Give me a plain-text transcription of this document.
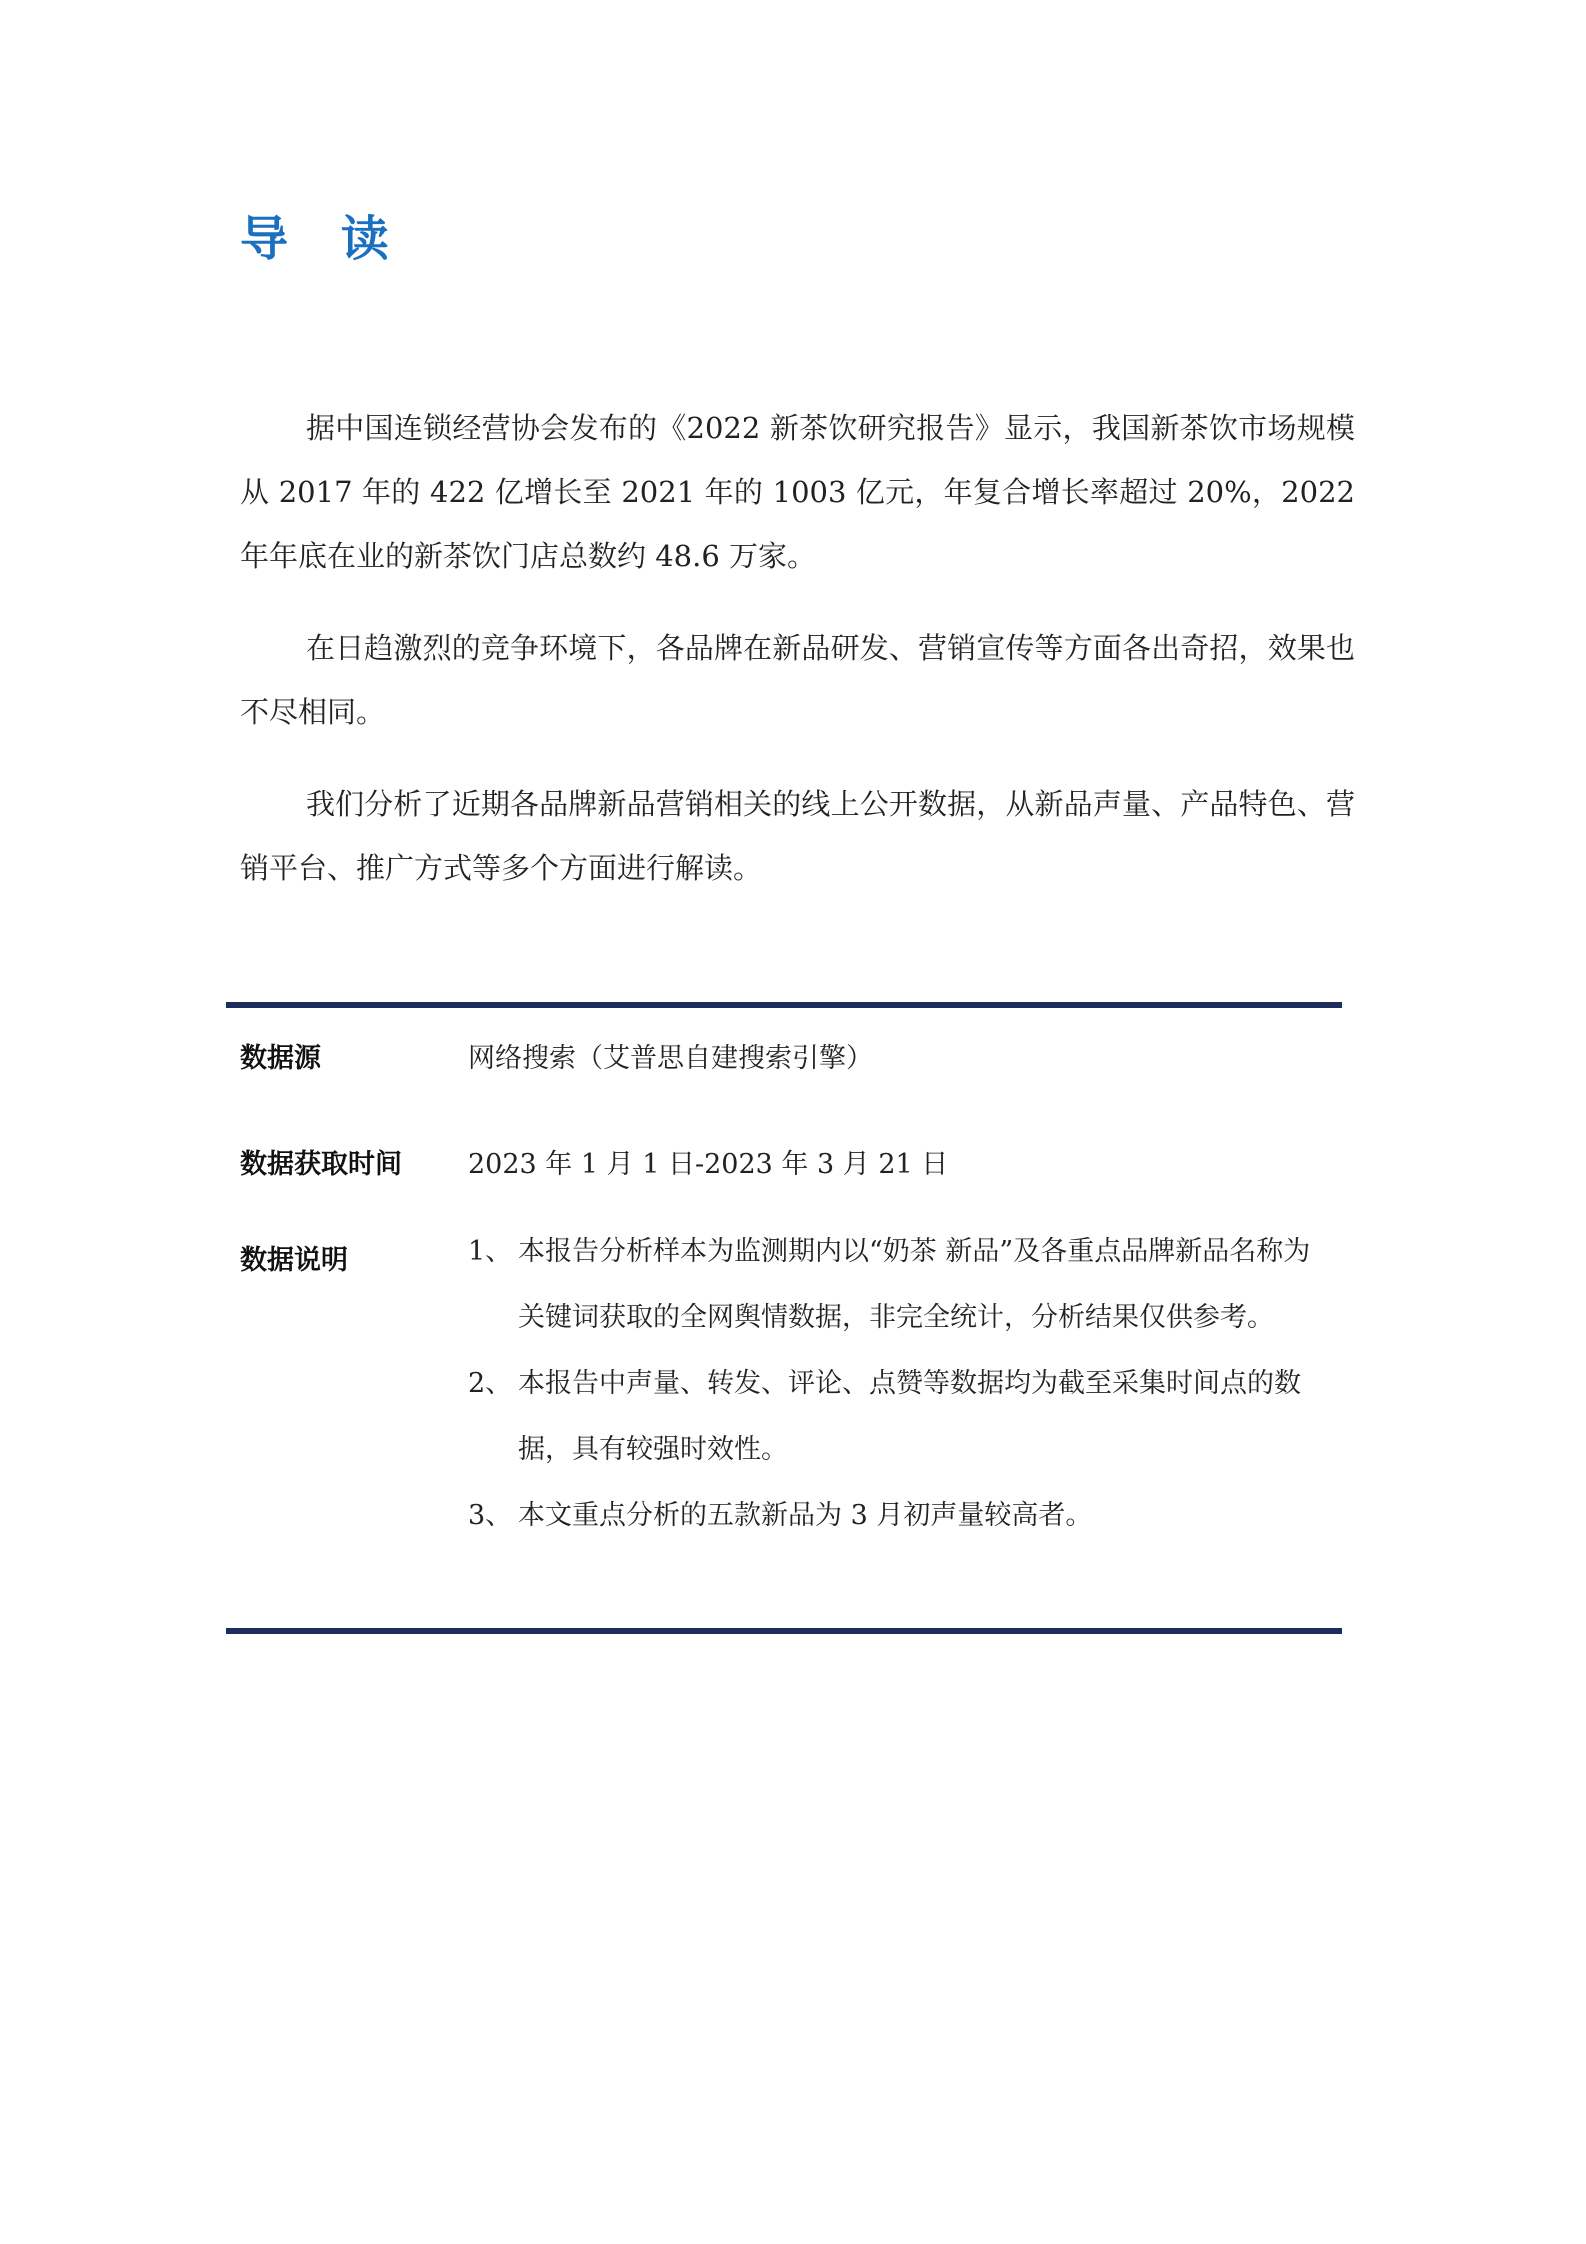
导 读

据中国连锁经营协会发布的《2022 新茶饮研究报告》显示，我国新茶饮市场规模从 2017 年的 422 亿增长至 2021 年的 1003 亿元，年复合增长率超过 20%，2022 年年底在业的新茶饮门店总数约 48.6 万家。

在日趋激烈的竞争环境下，各品牌在新品研发、营销宣传等方面各出奇招，效果也不尽相同。

我们分析了近期各品牌新品营销相关的线上公开数据，从新品声量、产品特色、营销平台、推广方式等多个方面进行解读。

数据源	网络搜索（艾普思自建搜索引擎）
数据获取时间 2023 年 1 月 1 日-2023 年 3 月 21 日
数据说明	1、 本报告分析样本为监测期内以“奶茶 新品”及各重点品牌新品名称为关键词获取的全网舆情数据，非完全统计，分析结果仅供参考。
2、 本报告中声量、转发、评论、点赞等数据均为截至采集时间点的数据，具有较强时效性。
3、 本文重点分析的五款新品为 3 月初声量较高者。
